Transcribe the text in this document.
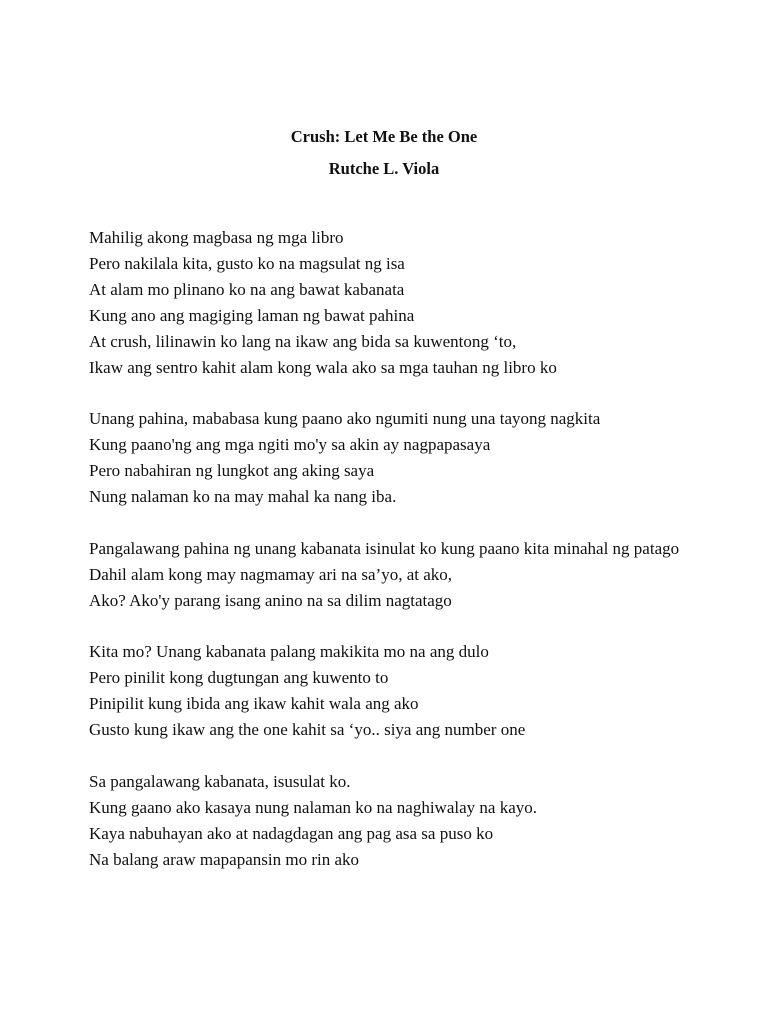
Crush: Let Me Be the One

Rutche L. Viola

Mahilig akong magbasa ng mga libro
Pero nakilala kita, gusto ko na magsulat ng isa
At alam mo plinano ko na ang bawat kabanata
Kung ano ang magiging laman ng bawat pahina
At crush, lilinawin ko lang na ikaw ang bida sa kuwentong ‘to,
Ikaw ang sentro kahit alam kong wala ako sa mga tauhan ng libro ko
Unang pahina, mababasa kung paano ako ngumiti nung una tayong nagkita
Kung paano'ng ang mga ngiti mo'y sa akin ay nagpapasaya
Pero nabahiran ng lungkot ang aking saya
Nung nalaman ko na may mahal ka nang iba.
Pangalawang pahina ng unang kabanata isinulat ko kung paano kita minahal ng patago
Dahil alam kong may nagmamay ari na sa’yo, at ako,
Ako? Ako'y parang isang anino na sa dilim nagtatago
Kita mo? Unang kabanata palang makikita mo na ang dulo
Pero pinilit kong dugtungan ang kuwento to
Pinipilit kung ibida ang ikaw kahit wala ang ako
Gusto kung ikaw ang the one kahit sa ‘yo.. siya ang number one
Sa pangalawang kabanata, isusulat ko.
Kung gaano ako kasaya nung nalaman ko na naghiwalay na kayo.
Kaya nabuhayan ako at nadagdagan ang pag asa sa puso ko
Na balang araw mapapansin mo rin ako
